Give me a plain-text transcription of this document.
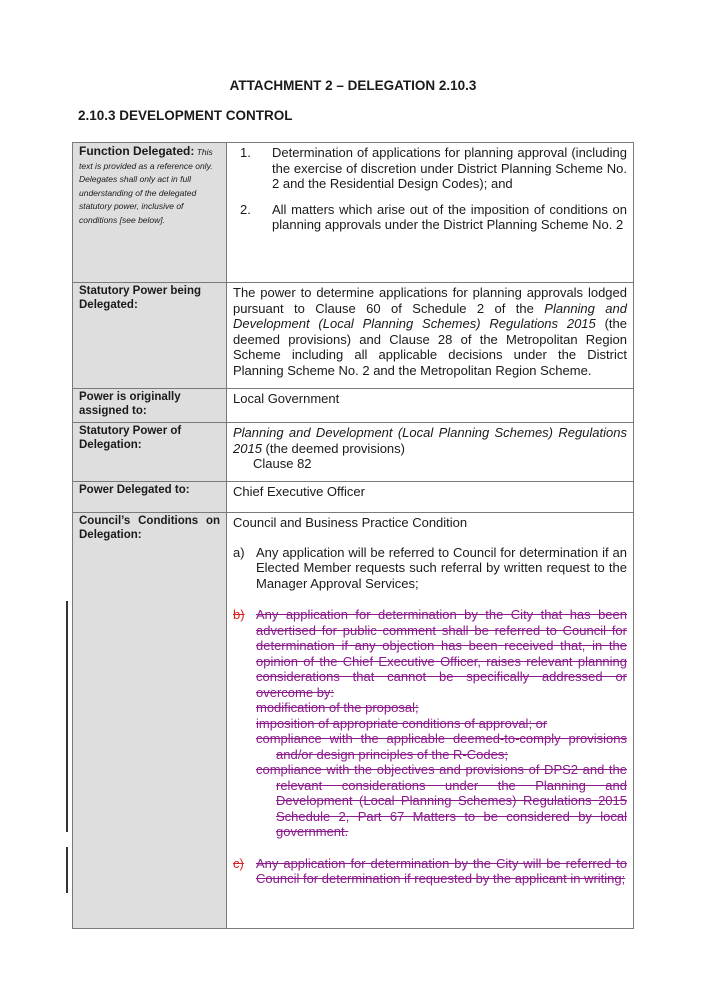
ATTACHMENT 2 – DELEGATION 2.10.3
2.10.3 DEVELOPMENT CONTROL
Function Delegated: This text is provided as a reference only. Delegates shall only act in full understanding of the delegated statutory power, inclusive of conditions [see below].	1. Determination of applications for planning approval (including the exercise of discretion under District Planning Scheme No. 2 and the Residential Design Codes); and
2. All matters which arise out of the imposition of conditions on planning approvals under the District Planning Scheme No. 2

Statutory Power being Delegated:	The power to determine applications for planning approvals lodged pursuant to Clause 60 of Schedule 2 of the Planning and Development (Local Planning Schemes) Regulations 2015 (the deemed provisions) and Clause 28 of the Metropolitan Region Scheme including all applicable decisions under the District Planning Scheme No. 2 and the Metropolitan Region Scheme.
Power is originally assigned to:	Local Government
Statutory Power of Delegation:	Planning and Development (Local Planning Schemes) Regulations 2015 (the deemed provisions)
Clause 82

Power Delegated to:	Chief Executive Officer
Council’s Conditions on Delegation:	
Council and Business Practice Condition
a) Any application will be referred to Council for determination if an Elected Member requests such referral by written request to the Manager Approval Services;
b) Any application for determination by the City that has been advertised for public comment shall be referred to Council for determination if any objection has been received that, in the opinion of the Chief Executive Officer, raises relevant planning considerations that cannot be specifically addressed or overcome by:
modification of the proposal;
imposition of appropriate conditions of approval; or
compliance with the applicable deemed-to-comply provisions and/or design principles of the R-Codes;
compliance with the objectives and provisions of DPS2 and the relevant considerations under the Planning and Development (Local Planning Schemes) Regulations 2015 Schedule 2, Part 67 Matters to be considered by local government.
c) Any application for determination by the City will be referred to Council for determination if requested by the applicant in writing;
